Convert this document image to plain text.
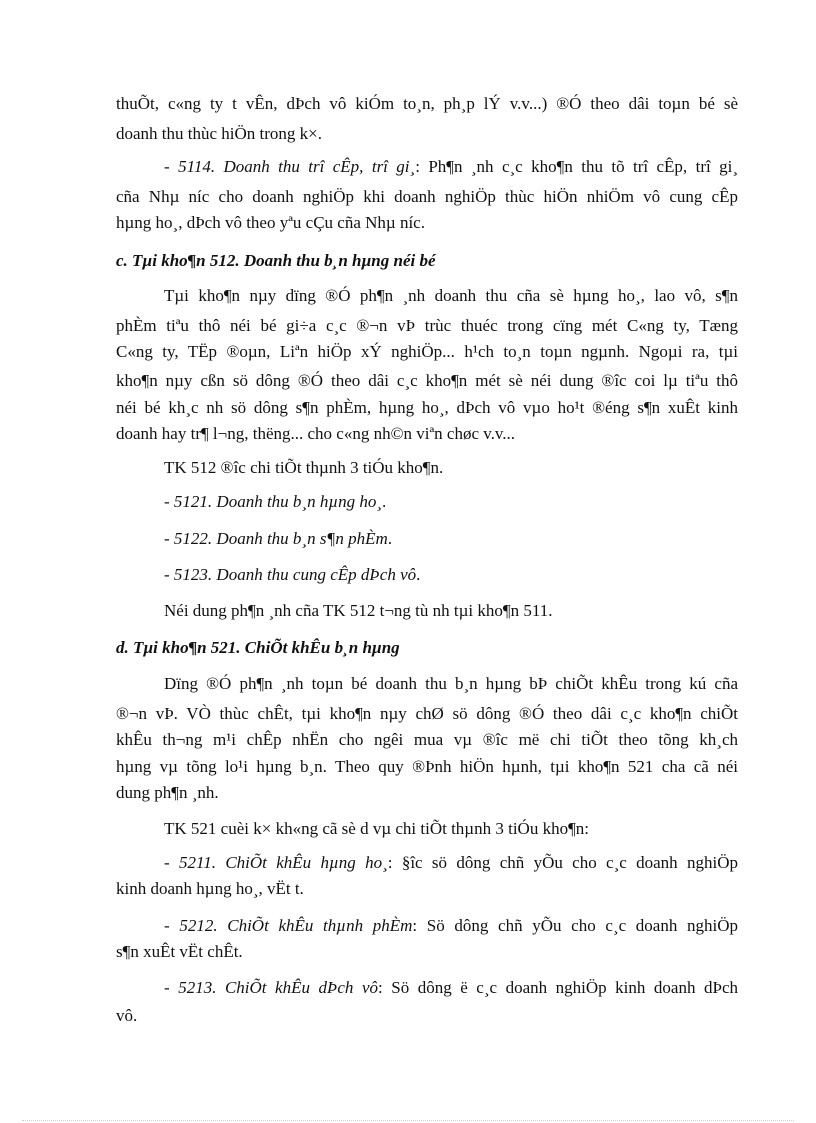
thuÕt, c«ng ty t vÊn, dÞch vô kiÓm to¸n, ph¸p lÝ v.v...) ®Ó theo dâi toµn bé sè
doanh thu thùc hiÖn trong k×.
- 5114. Doanh thu trî cÊp, trî gi¸: Ph¶n ¸nh c¸c kho¶n thu tõ trî cÊp, trî gi¸
cña Nhµ níc cho doanh nghiÖp khi doanh nghiÖp thùc hiÖn nhiÖm vô cung cÊp
hµng ho¸, dÞch vô theo yªu cÇu cña Nhµ níc.
c. Tµi kho¶n 512. Doanh thu b¸n hµng néi bé
Tµi kho¶n nµy dïng ®Ó ph¶n ¸nh doanh thu cña sè hµng ho¸, lao vô, s¶n
phÈm tiªu thô néi bé gi÷a c¸c ®¬n vÞ trùc thuéc trong cïng mét C«ng ty, Tæng
C«ng ty, TËp ®oµn, Liªn hiÖp xÝ nghiÖp... h¹ch to¸n toµn ngµnh. Ngoµi ra, tµi
kho¶n nµy cßn sö dông ®Ó theo dâi c¸c kho¶n mét sè néi dung ®îc coi lµ tiªu thô
néi bé kh¸c nh sö dông s¶n phÈm, hµng ho¸, dÞch vô vµo ho¹t ®éng s¶n xuÊt kinh
doanh hay tr¶ l¬ng, thëng... cho c«ng nh©n viªn chøc v.v...
TK 512 ®îc chi tiÕt thµnh 3 tiÓu kho¶n.
- 5121. Doanh thu b¸n hµng ho¸.
- 5122. Doanh thu b¸n s¶n phÈm.
- 5123. Doanh thu cung cÊp dÞch vô.
Néi dung ph¶n ¸nh cña TK 512 t¬ng tù nh tµi kho¶n 511.
d. Tµi kho¶n 521. ChiÕt khÊu b¸n hµng
Dïng ®Ó ph¶n ¸nh toµn bé doanh thu b¸n hµng bÞ chiÕt khÊu trong kú cña
®¬n vÞ. VÒ thùc chÊt, tµi kho¶n nµy chØ sö dông ®Ó theo dâi c¸c kho¶n chiÕt
khÊu th¬ng m¹i chÊp nhËn cho ngêi mua vµ ®îc më chi tiÕt theo tõng kh¸ch
hµng vµ tõng lo¹i hµng b¸n. Theo quy ®Þnh hiÖn hµnh, tµi kho¶n 521 cha cã néi
dung ph¶n ¸nh.
TK 521 cuèi k× kh«ng cã sè d vµ chi tiÕt thµnh 3 tiÓu kho¶n:
- 5211. ChiÕt khÊu hµng ho¸: §îc sö dông chñ yÕu cho c¸c doanh nghiÖp
kinh doanh hµng ho¸, vËt t.
- 5212. ChiÕt khÊu thµnh phÈm: Sö dông chñ yÕu cho c¸c doanh nghiÖp
s¶n xuÊt vËt chÊt.
- 5213. ChiÕt khÊu dÞch vô: Sö dông ë c¸c doanh nghiÖp kinh doanh dÞch
vô.
